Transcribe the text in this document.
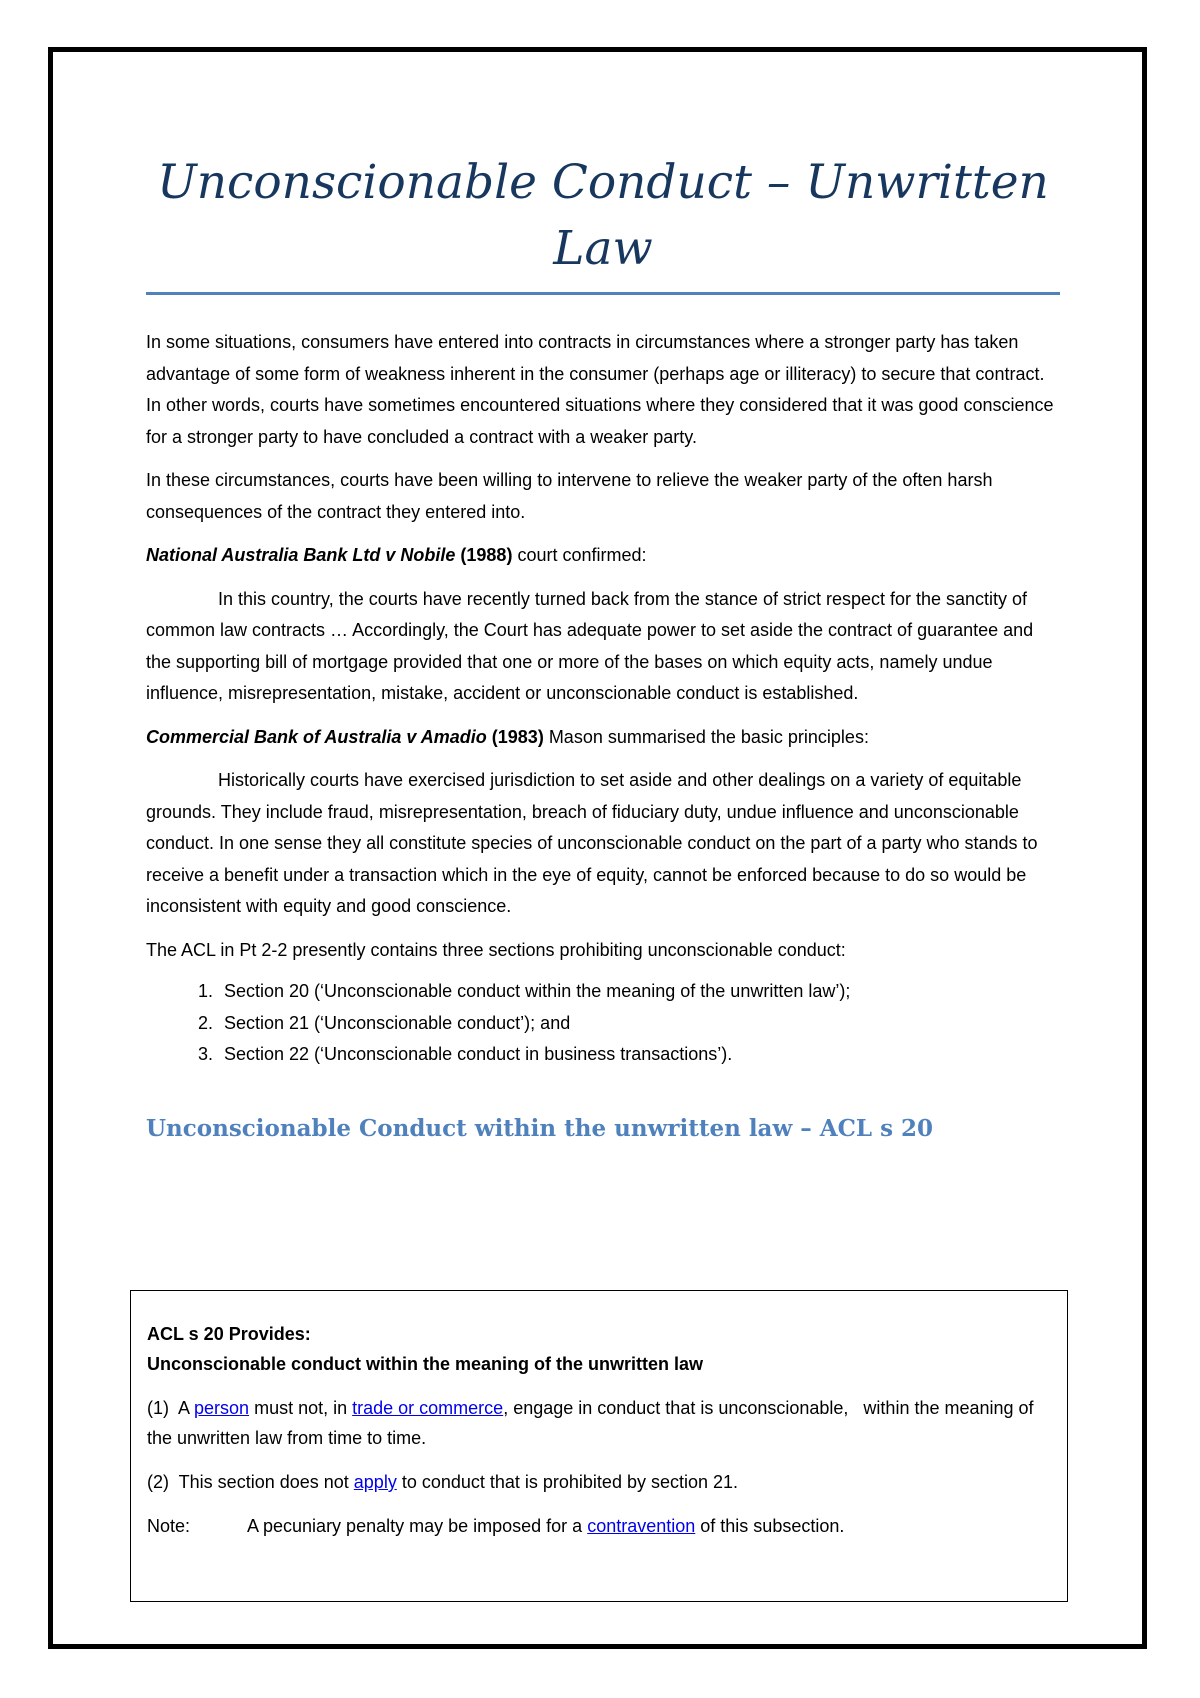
Unconscionable Conduct – Unwritten Law

In some situations, consumers have entered into contracts in circumstances where a stronger party has taken advantage of some form of weakness inherent in the consumer (perhaps age or illiteracy) to secure that contract. In other words, courts have sometimes encountered situations where they considered that it was good conscience for a stronger party to have concluded a contract with a weaker party.

In these circumstances, courts have been willing to intervene to relieve the weaker party of the often harsh consequences of the contract they entered into.

National Australia Bank Ltd v Nobile (1988) court confirmed:

In this country, the courts have recently turned back from the stance of strict respect for the sanctity of common law contracts … Accordingly, the Court has adequate power to set aside the contract of guarantee and the supporting bill of mortgage provided that one or more of the bases on which equity acts, namely undue influence, misrepresentation, mistake, accident or unconscionable conduct is established.

Commercial Bank of Australia v Amadio (1983) Mason summarised the basic principles:

Historically courts have exercised jurisdiction to set aside and other dealings on a variety of equitable grounds. They include fraud, misrepresentation, breach of fiduciary duty, undue influence and unconscionable conduct. In one sense they all constitute species of unconscionable conduct on the part of a party who stands to receive a benefit under a transaction which in the eye of equity, cannot be enforced because to do so would be inconsistent with equity and good conscience.

The ACL in Pt 2-2 presently contains three sections prohibiting unconscionable conduct:

1. Section 20 (‘Unconscionable conduct within the meaning of the unwritten law’);
2. Section 21 (‘Unconscionable conduct’); and
3. Section 22 (‘Unconscionable conduct in business transactions’).
Unconscionable Conduct within the unwritten law – ACL s 20

ACL s 20 Provides:

Unconscionable conduct within the meaning of the unwritten law

(1)  A person must not, in trade or commerce, engage in conduct that is unconscionable,   within the meaning of the unwritten law from time to time.

(2)  This section does not apply to conduct that is prohibited by section 21.

Note:	A pecuniary penalty may be imposed for a contravention of this subsection.
